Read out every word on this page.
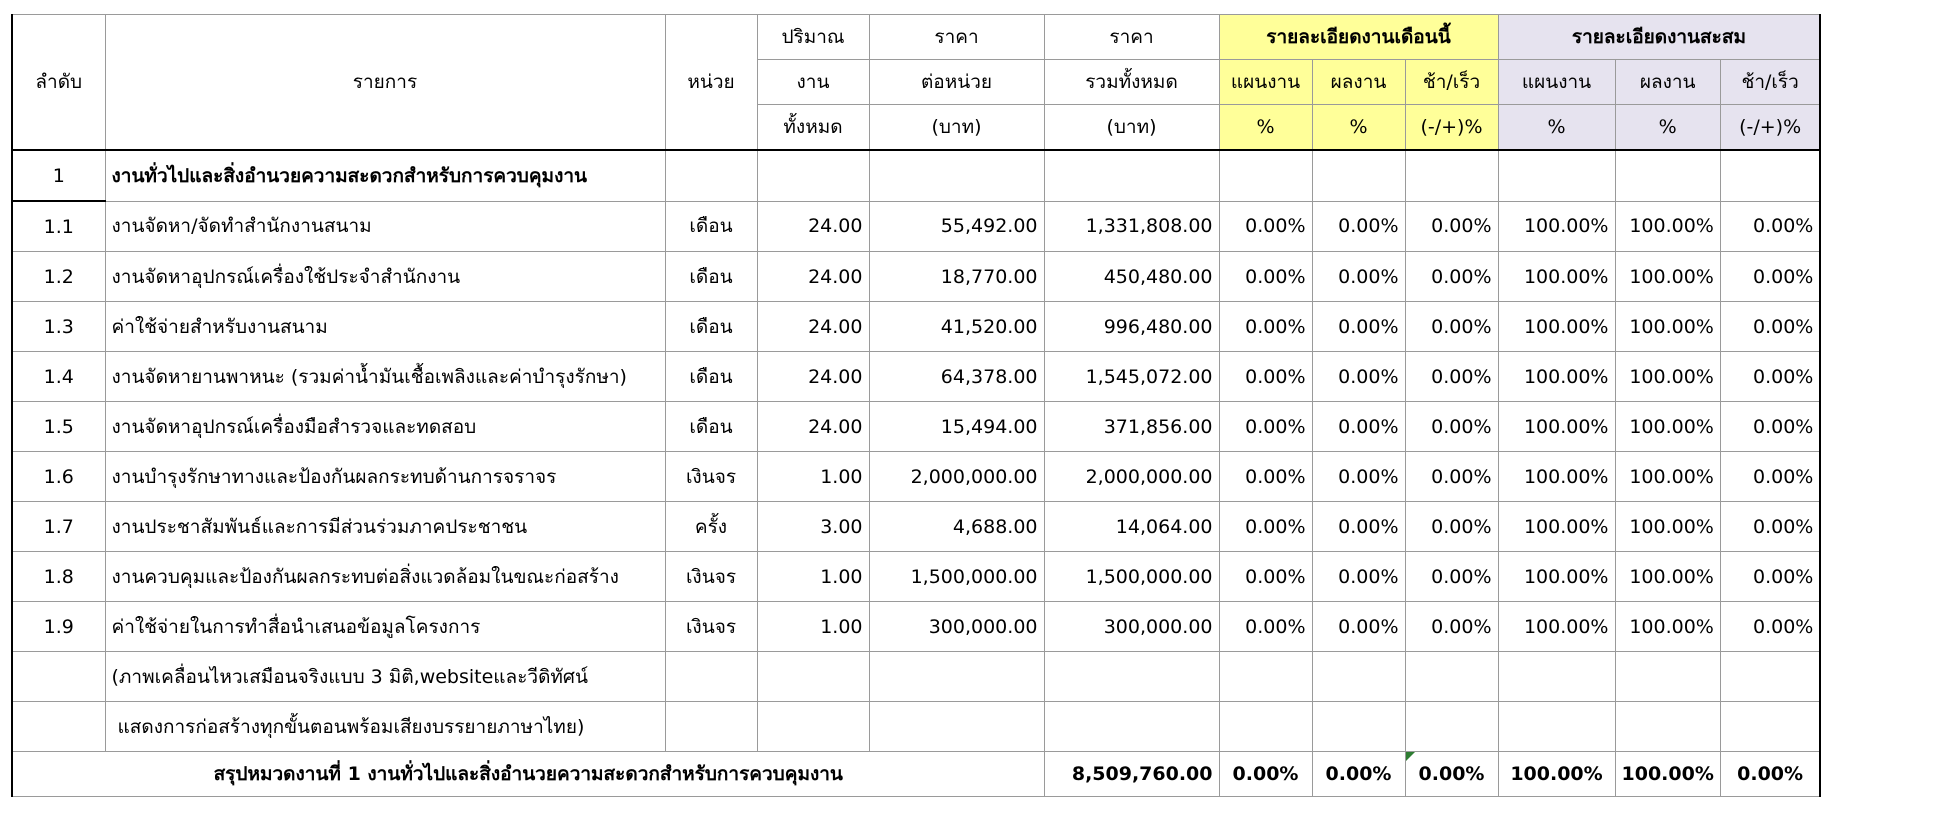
ลำดับ	รายการ	หน่วย	ปริมาณ	ราคา	ราคา	รายละเอียดงานเดือนนี้			รายละเอียดงานสะสม		
			งาน	ต่อหน่วย	รวมทั้งหมด	แผนงาน	ผลงาน	ช้า/เร็ว	แผนงาน	ผลงาน	ช้า/เร็ว
			ทั้งหมด	(บาท)	(บาท)	%	%	(-/+)%	%	%	(-/+)%
1	งานทั่วไปและสิ่งอำนวยความสะดวกสำหรับการควบคุมงาน										
1.1	งานจัดหา/จัดทำสำนักงานสนาม	เดือน	24.00	55,492.00	1,331,808.00	0.00%	0.00%	0.00%	100.00%	100.00%	0.00%
1.2	งานจัดหาอุปกรณ์เครื่องใช้ประจำสำนักงาน	เดือน	24.00	18,770.00	450,480.00	0.00%	0.00%	0.00%	100.00%	100.00%	0.00%
1.3	ค่าใช้จ่ายสำหรับงานสนาม	เดือน	24.00	41,520.00	996,480.00	0.00%	0.00%	0.00%	100.00%	100.00%	0.00%
1.4	งานจัดหายานพาหนะ (รวมค่าน้ำมันเชื้อเพลิงและค่าบำรุงรักษา)	เดือน	24.00	64,378.00	1,545,072.00	0.00%	0.00%	0.00%	100.00%	100.00%	0.00%
1.5	งานจัดหาอุปกรณ์เครื่องมือสำรวจและทดสอบ	เดือน	24.00	15,494.00	371,856.00	0.00%	0.00%	0.00%	100.00%	100.00%	0.00%
1.6	งานบำรุงรักษาทางและป้องกันผลกระทบด้านการจราจร	เงินจร	1.00	2,000,000.00	2,000,000.00	0.00%	0.00%	0.00%	100.00%	100.00%	0.00%
1.7	งานประชาสัมพันธ์และการมีส่วนร่วมภาคประชาชน	ครั้ง	3.00	4,688.00	14,064.00	0.00%	0.00%	0.00%	100.00%	100.00%	0.00%
1.8	งานควบคุมและป้องกันผลกระทบต่อสิ่งแวดล้อมในขณะก่อสร้าง	เงินจร	1.00	1,500,000.00	1,500,000.00	0.00%	0.00%	0.00%	100.00%	100.00%	0.00%
1.9	ค่าใช้จ่ายในการทำสื่อนำเสนอข้อมูลโครงการ	เงินจร	1.00	300,000.00	300,000.00	0.00%	0.00%	0.00%	100.00%	100.00%	0.00%
	(ภาพเคลื่อนไหวเสมือนจริงแบบ 3 มิติ,websiteและวีดิทัศน์										
	แสดงการก่อสร้างทุกขั้นตอนพร้อมเสียงบรรยายภาษาไทย)										
สรุปหมวดงานที่ 1 งานทั่วไปและสิ่งอำนวยความสะดวกสำหรับการควบคุมงาน					8,509,760.00	0.00%	0.00%	0.00%	100.00%	100.00%	0.00%
